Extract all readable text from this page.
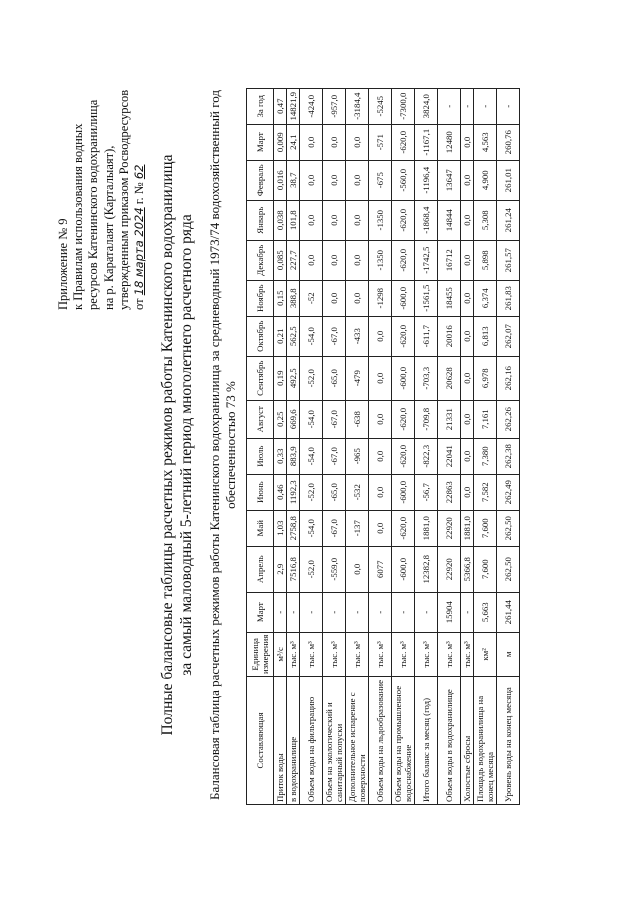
Приложение № 9 к Правилам использования водных ресурсов Катенинского водохранилища на р. Караталаят (Карталыаят), утвержденным приказом Росводресурсов от 18 марта 2024 г. № 62 Полные балансовые таблицы расчетных режимов работы Катенинского водохранилища за самый маловодный 5-летний период многолетнего расчетного ряда Балансовая таблица расчетных режимов работы Катенинского водохранилища за средневодный 1973/74 водохозяйственный год обеспеченностью 73 %
Составляющая	Единица измерения	Март	Апрель	Май	Июнь	Июль	Август	Сентябрь	Октябрь	Ноябрь	Декабрь	Январь	Февраль	Март	За год
Приток воды	м³/с	-	2,9	1,03	0,46	0,33	0,25	0,19	0,21	0,15	0,085	0,038	0,016	0,009	0,47
в водохранилище	тыс. м³	-	7516,8	2758,8	1192,3	883,9	669,6	492,5	562,5	388,8	227,7	101,8	38,7	24,1	14821,9
Объем воды на фильтрацию	тыс. м³	-	-52,0	-54,0	-52,0	-54,0	-54,0	-52,0	-54,0	-52	0,0	0,0	0,0	0,0	-424,0
Объем на экологический и санитарный попуски	тыс. м³	-	-559,0	-67,0	-65,0	-67,0	-67,0	-65,0	-67,0	0,0	0,0	0,0	0,0	0,0	-957,0
Дополнительное испарение с поверхности	тыс. м³	-	0,0	-137	-532	-965	-638	-479	-433	0,0	0,0	0,0	0,0	0,0	-3184,4
Объем воды на льдообразование	тыс. м³	-	6077	0,0	0,0	0,0	0,0	0,0	0,0	-1298	-1350	-1350	-675	-571	-5245
Объем воды на промышленное водоснабжение	тыс. м³	-	-600,0	-620,0	-600,0	-620,0	-620,0	-600,0	-620,0	-600,0	-620,0	-620,0	-560,0	-620,0	-7300,0
Итого баланс за месяц (год)	тыс. м³	-	12382,8	1881,0	-56,7	-822,3	-709,8	-703,3	-611,7	-1561,5	-1742,5	-1868,4	-1196,4	-1167,1	3824,0
Объем воды в водохранилище	тыс. м³	15904	22920	22920	22863	22041	21331	20628	20016	18455	16712	14844	13647	12480	-
Холостые сбросы	тыс. м³	-	5366,8	1881,0	0,0	0,0	0,0	0,0	0,0	0,0	0,0	0,0	0,0	0,0	-
Площадь водохранилища на конец месяца	км²	5,663	7,600	7,600	7,582	7,380	7,161	6,978	6,813	6,374	5,898	5,308	4,900	4,563	-
Уровень воды на конец месяца	м	261,44	262,50	262,50	262,49	262,38	262,26	262,16	262,07	261,83	261,57	261,24	261,01	260,76	-
